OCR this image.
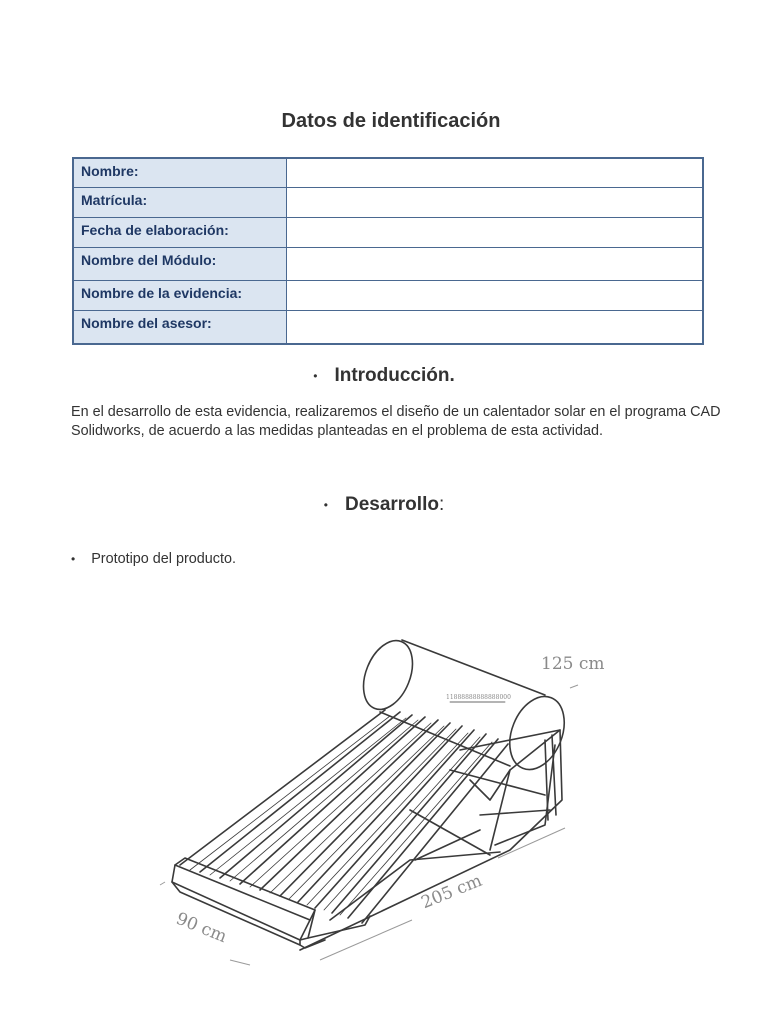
Datos de identificación
Nombre:	
Matrícula:	
Fecha de elaboración:	
Nombre del Módulo:	
Nombre de la evidencia:	
Nombre del asesor:	
• Introducción.
En el desarrollo de esta evidencia, realizaremos el diseño de un calentador solar en el programa CAD Solidworks, de acuerdo a las medidas planteadas en el problema de esta actividad.
• Desarrollo :
• Prototipo del producto.
125 cm
205 cm
90 cm
11888888888888000
